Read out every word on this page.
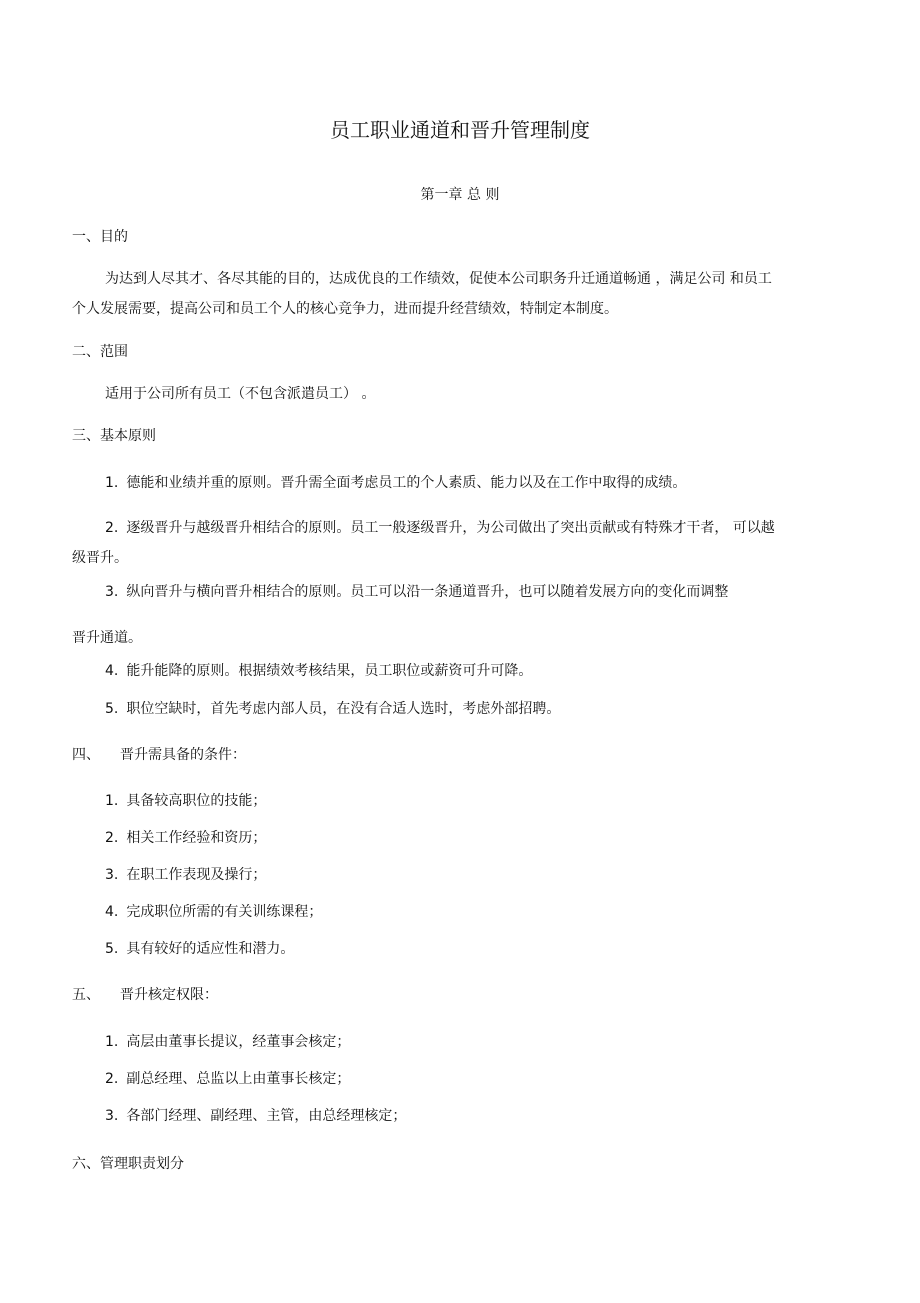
员工职业通道和晋升管理制度
第一章 总 则
一、目的
为达到人尽其才、各尽其能的目的，达成优良的工作绩效，促使本公司职务升迁通道畅通 ，满足公司 和员工
个人发展需要，提高公司和员工个人的核心竞争力，进而提升经营绩效，特制定本制度。
二、范围
适用于公司所有员工（不包含派遣员工） 。
三、基本原则
1. 德能和业绩并重的原则。晋升需全面考虑员工的个人素质、能力以及在工作中取得的成绩。
2. 逐级晋升与越级晋升相结合的原则。员工一般逐级晋升，为公司做出了突出贡献或有特殊才干者， 可以越
级晋升。
3. 纵向晋升与横向晋升相结合的原则。员工可以沿一条通道晋升，也可以随着发展方向的变化而调整
晋升通道。
4. 能升能降的原则。根据绩效考核结果，员工职位或薪资可升可降。
5. 职位空缺时，首先考虑内部人员，在没有合适人选时，考虑外部招聘。
四、 晋升需具备的条件：
1. 具备较高职位的技能；
2. 相关工作经验和资历；
3. 在职工作表现及操行；
4. 完成职位所需的有关训练课程；
5. 具有较好的适应性和潜力。
五、 晋升核定权限：
1. 高层由董事长提议，经董事会核定；
2. 副总经理、总监以上由董事长核定；
3. 各部门经理、副经理、主管，由总经理核定；
六、管理职责划分
